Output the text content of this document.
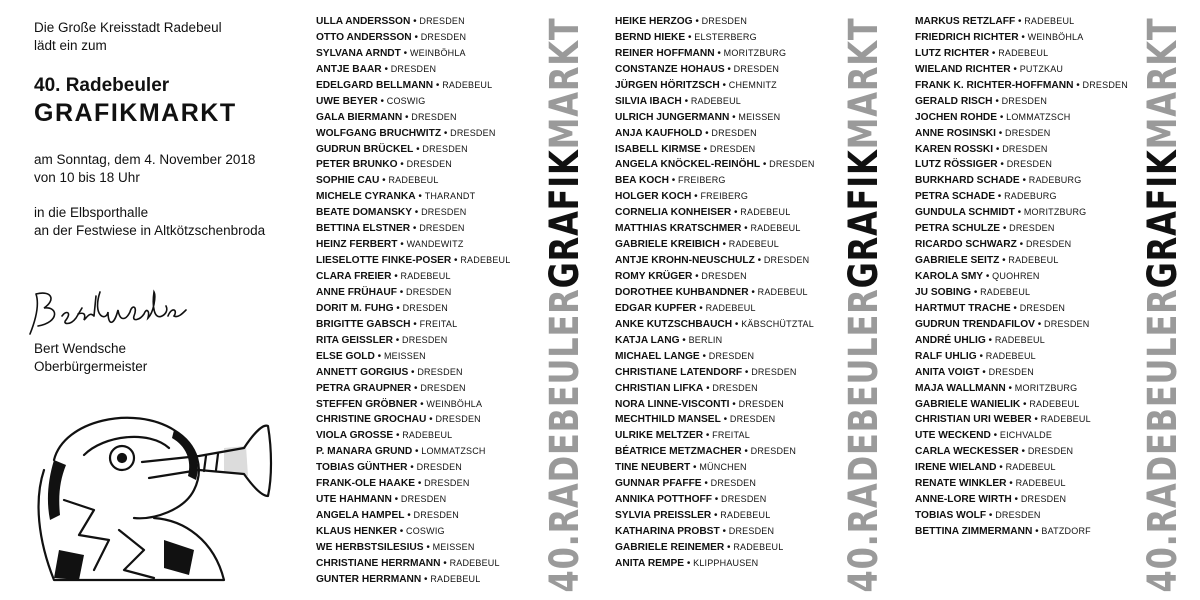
Die Große Kreisstadt Radebeul
lädt ein zum
40. Radebeuler
GRAFIKMARKT
am Sonntag, dem 4. November 2018
von 10 bis 18 Uhr
in die Elbsporthalle
an der Festwiese in Altkötzschenbroda
Bert Wendsche
Oberbürgermeister
ULLA ANDERSSON • DRESDEN
OTTO ANDERSSON • DRESDEN
SYLVANA ARNDT • WEINBÖHLA
ANTJE BAAR • DRESDEN
EDELGARD BELLMANN • RADEBEUL
UWE BEYER • COSWIG
GALA BIERMANN • DRESDEN
WOLFGANG BRUCHWITZ • DRESDEN
GUDRUN BRÜCKEL • DRESDEN
PETER BRUNKO • DRESDEN
SOPHIE CAU • RADEBEUL
MICHELE CYRANKA • THARANDT
BEATE DOMANSKY • DRESDEN
BETTINA ELSTNER • DRESDEN
HEINZ FERBERT • WANDEWITZ
LIESELOTTE FINKE-POSER • RADEBEUL
CLARA FREIER • RADEBEUL
ANNE FRÜHAUF • DRESDEN
DORIT M. FUHG • DRESDEN
BRIGITTE GABSCH • FREITAL
RITA GEISSLER • DRESDEN
ELSE GOLD • MEISSEN
ANNETT GORGIUS • DRESDEN
PETRA GRAUPNER • DRESDEN
STEFFEN GRÖBNER • WEINBÖHLA
CHRISTINE GROCHAU • DRESDEN
VIOLA GROSSE • RADEBEUL
P. MANARA GRUND • LOMMATZSCH
TOBIAS GÜNTHER • DRESDEN
FRANK-OLE HAAKE • DRESDEN
UTE HAHMANN • DRESDEN
ANGELA HAMPEL • DRESDEN
KLAUS HENKER • COSWIG
WE HERBSTSILESIUS • MEISSEN
CHRISTIANE HERRMANN • RADEBEUL
GUNTER HERRMANN • RADEBEUL
HEIKE HERZOG • DRESDEN
BERND HIEKE • ELSTERBERG
REINER HOFFMANN • MORITZBURG
CONSTANZE HOHAUS • DRESDEN
JÜRGEN HÖRITZSCH • CHEMNITZ
SILVIA IBACH • RADEBEUL
ULRICH JUNGERMANN • MEISSEN
ANJA KAUFHOLD • DRESDEN
ISABELL KIRMSE • DRESDEN
ANGELA KNÖCKEL-REINÖHL • DRESDEN
BEA KOCH • FREIBERG
HOLGER KOCH • FREIBERG
CORNELIA KONHEISER • RADEBEUL
MATTHIAS KRATSCHMER • RADEBEUL
GABRIELE KREIBICH • RADEBEUL
ANTJE KROHN-NEUSCHULZ • DRESDEN
ROMY KRÜGER • DRESDEN
DOROTHEE KUHBANDNER • RADEBEUL
EDGAR KUPFER • RADEBEUL
ANKE KUTZSCHBAUCH • KÄBSCHÜTZTAL
KATJA LANG • BERLIN
MICHAEL LANGE • DRESDEN
CHRISTIANE LATENDORF • DRESDEN
CHRISTIAN LIFKA • DRESDEN
NORA LINNE-VISCONTI • DRESDEN
MECHTHILD MANSEL • DRESDEN
ULRIKE MELTZER • FREITAL
BÉATRICE METZMACHER • DRESDEN
TINE NEUBERT • MÜNCHEN
GUNNAR PFAFFE • DRESDEN
ANNIKA POTTHOFF • DRESDEN
SYLVIA PREISSLER • RADEBEUL
KATHARINA PROBST • DRESDEN
GABRIELE REINEMER • RADEBEUL
ANITA REMPE • KLIPPHAUSEN
MARKUS RETZLAFF • RADEBEUL
FRIEDRICH RICHTER • WEINBÖHLA
LUTZ RICHTER • RADEBEUL
WIELAND RICHTER • PUTZKAU
FRANK K. RICHTER-HOFFMANN • DRESDEN
GERALD RISCH • DRESDEN
JOCHEN ROHDE • LOMMATZSCH
ANNE ROSINSKI • DRESDEN
KAREN ROSSKI • DRESDEN
LUTZ RÖSSIGER • DRESDEN
BURKHARD SCHADE • RADEBURG
PETRA SCHADE • RADEBURG
GUNDULA SCHMIDT • MORITZBURG
PETRA SCHULZE • DRESDEN
RICARDO SCHWARZ • DRESDEN
GABRIELE SEITZ • RADEBEUL
KAROLA SMY • QUOHREN
JU SOBING • RADEBEUL
HARTMUT TRACHE • DRESDEN
GUDRUN TRENDAFILOV • DRESDEN
ANDRÉ UHLIG • RADEBEUL
RALF UHLIG • RADEBEUL
ANITA VOIGT • DRESDEN
MAJA WALLMANN • MORITZBURG
GABRIELE WANIELIK • RADEBEUL
CHRISTIAN URI WEBER • RADEBEUL
UTE WECKEND • EICHVALDE
CARLA WECKESSER • DRESDEN
IRENE WIELAND • RADEBEUL
RENATE WINKLER • RADEBEUL
ANNE-LORE WIRTH • DRESDEN
TOBIAS WOLF • DRESDEN
BETTINA ZIMMERMANN • BATZDORF
40.RADEBEULERGRAFIKMARKT
40.RADEBEULERGRAFIKMARKT
40.RADEBEULERGRAFIKMARKT
